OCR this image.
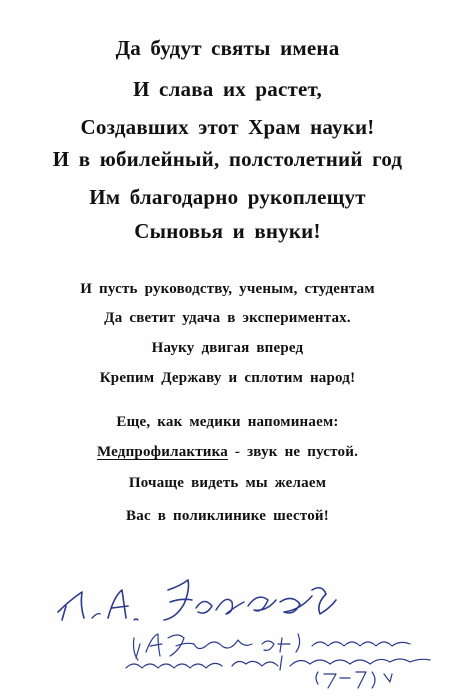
Да будут святы имена
И слава их растет,
Создавших этот Храм науки!
И в юбилейный, полстолетний год
Им благодарно рукоплещут
Сыновья и внуки!
И пусть руководству, ученым, студентам
Да светит удача в экспериментах.
Науку двигая вперед
Крепим Державу и сплотим народ!
Еще, как медики напоминаем:
Медпрофилактика - звук не пустой.
Почаще видеть мы желаем
Вас в поликлинике шестой!
